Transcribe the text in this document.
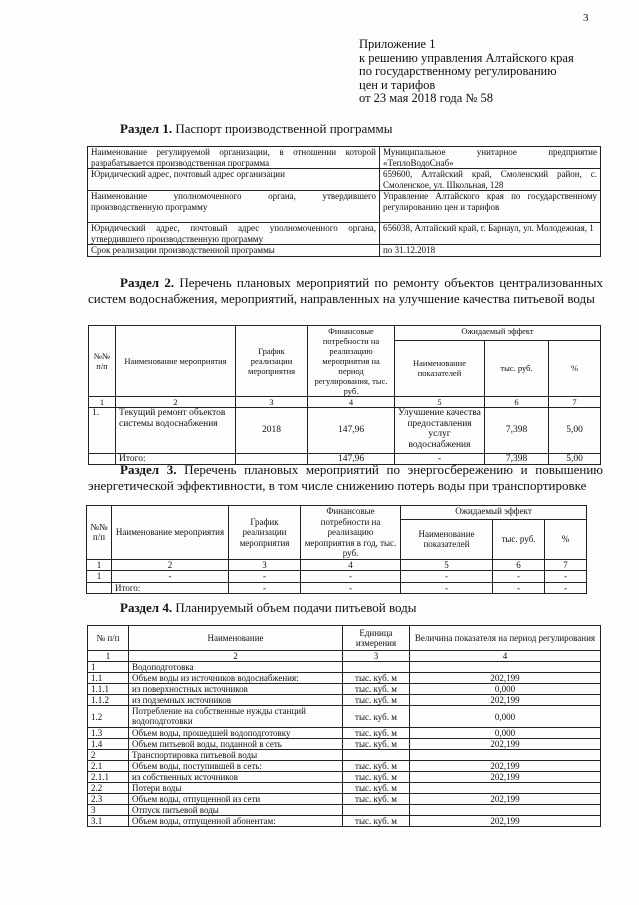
3
Приложение 1
к решению управления Алтайского края
по государственному регулированию
цен и тарифов
от 23 мая 2018 года № 58
Раздел 1. Паспорт производственной программы
Наименование регулируемой организации, в отношении которой разрабатывается производственная программа	Муниципальное унитарное предприятие «ТеплоВодоСнаб»
Юридический адрес, почтовый адрес организации	659600, Алтайский край, Смоленский район, с. Смоленское, ул. Школьная, 128
Наименование уполномоченного органа, утвердившего производственную программу	Управление Алтайского края по государственному регулированию цен и тарифов
Юридический адрес, почтовый адрес уполномоченного органа, утвердившего производственную программу	656038, Алтайский край, г. Барнаул, ул. Молодежная, 1
Срок реализации производственной программы	по 31.12.2018
Раздел 2. Перечень плановых мероприятий по ремонту объектов централизованных систем водоснабжения, мероприятий, направленных на улучшение качества питьевой воды
№№ п/п	Наименование мероприятия	График реализации мероприятия	Финансовые потребности на реализацию мероприятия на период регулирования, тыс. руб.	Ожидаемый эффект		
				Наименование показателей	тыс. руб.	%
1	2	3	4	5	6	7
1.	Текущий ремонт объектов системы водоснабжения	2018	147,96	Улучшение качества предоставления услуг водоснабжения	7,398	5,00
	Итого:		147,96	-	7,398	5,00
Раздел 3. Перечень плановых мероприятий по энергосбережению и повышению энергетической эффективности, в том числе снижению потерь воды при транспортировке
№№ п/п	Наименование мероприятия	График реализации мероприятия	Финансовые потребности на реализацию мероприятия в год, тыс. руб.	Ожидаемый эффект		
				Наименование показателей	тыс. руб.	%
1	2	3	4	5	6	7
1	-	-	-	-	-	-
	Итого:	-	-	-	-	-
Раздел 4. Планируемый объем подачи питьевой воды
№ п/п	Наименование	Единица измерения	Величина показателя на период регулирования
1	2	3	4
1	Водоподготовка		
1.1	Объем воды из источников водоснабжения:	тыс. куб. м	202,199
1.1.1	из поверхностных источников	тыс. куб. м	0,000
1.1.2	из подземных источников	тыс. куб. м	202,199
1.2	Потребление на собственные нужды станций водоподготовки	тыс. куб. м	0,000
1.3	Объем воды, прошедшей водоподготовку	тыс. куб. м	0,000
1.4	Объем питьевой воды, поданной в сеть	тыс. куб. м	202,199
2	Транспортировка питьевой воды		
2.1	Объем воды, поступившей в сеть:	тыс. куб. м	202,199
2.1.1	из собственных источников	тыс. куб. м	202,199
2.2	Потери воды	тыс. куб. м	
2.3	Объем воды, отпущенной из сети	тыс. куб. м	202,199
3	Отпуск питьевой воды		
3.1	Объем воды, отпущенной абонентам:	тыс. куб. м	202,199
